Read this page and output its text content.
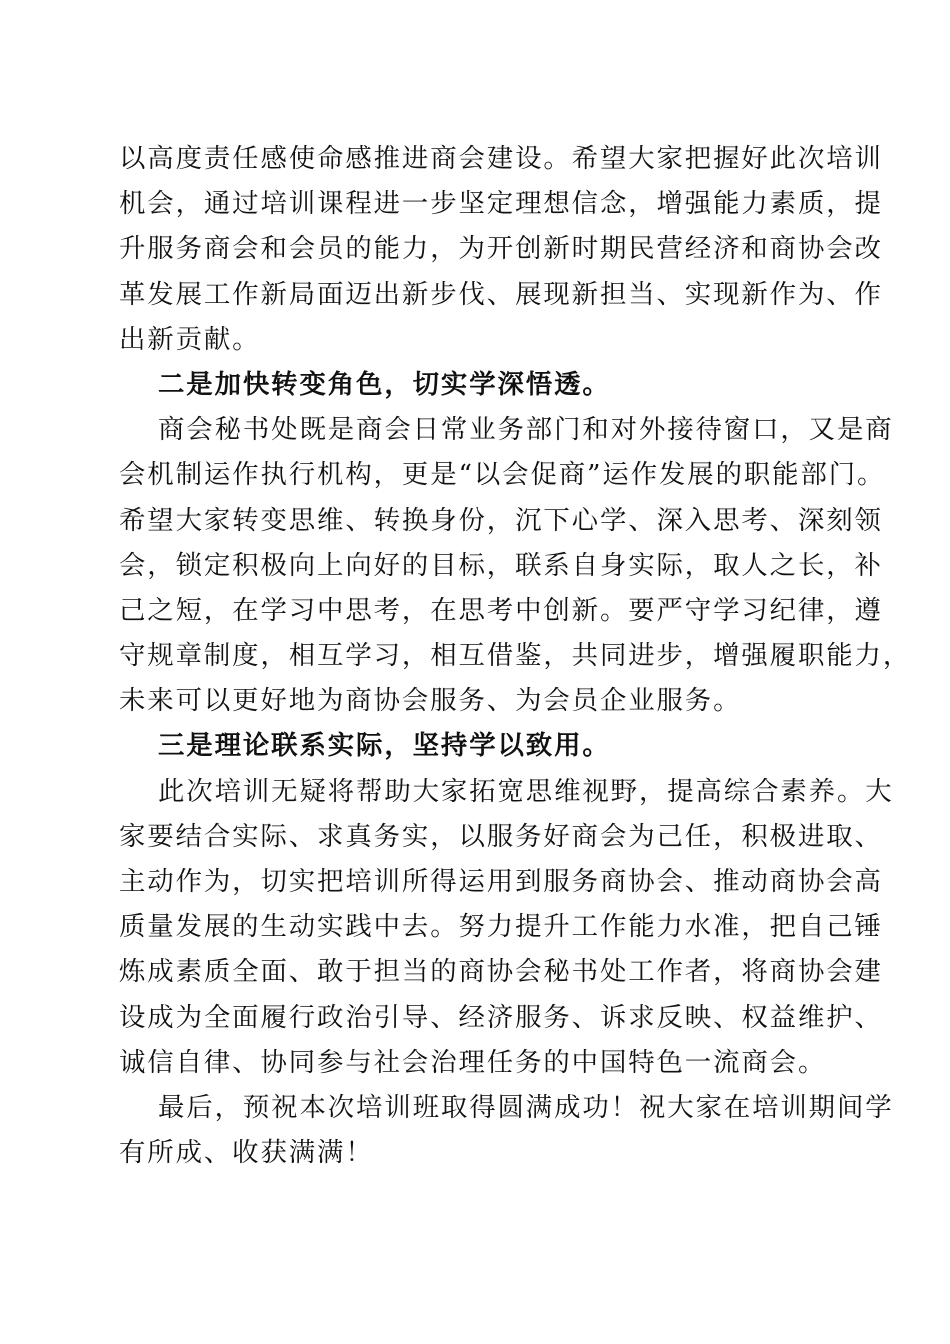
以高度责任感使命感推进商会建设。希望大家把握好此次培训
机会，通过培训课程进一步坚定理想信念，增强能力素质，提
升服务商会和会员的能力，为开创新时期民营经济和商协会改
革发展工作新局面迈出新步伐、展现新担当、实现新作为、作
出新贡献。
二是加快转变角色，切实学深悟透。
商会秘书处既是商会日常业务部门和对外接待窗口，又是商
会机制运作执行机构，更是“以会促商”运作发展的职能部门。
希望大家转变思维、转换身份，沉下心学、深入思考、深刻领
会，锁定积极向上向好的目标，联系自身实际，取人之长，补
己之短，在学习中思考，在思考中创新。要严守学习纪律，遵
守规章制度，相互学习，相互借鉴，共同进步，增强履职能力，
未来可以更好地为商协会服务、为会员企业服务。
三是理论联系实际，坚持学以致用。
此次培训无疑将帮助大家拓宽思维视野，提高综合素养。大
家要结合实际、求真务实，以服务好商会为己任，积极进取、
主动作为，切实把培训所得运用到服务商协会、推动商协会高
质量发展的生动实践中去。努力提升工作能力水准，把自己锤
炼成素质全面、敢于担当的商协会秘书处工作者，将商协会建
设成为全面履行政治引导、经济服务、诉求反映、权益维护、
诚信自律、协同参与社会治理任务的中国特色一流商会。
最后，预祝本次培训班取得圆满成功！祝大家在培训期间学
有所成、收获满满！
